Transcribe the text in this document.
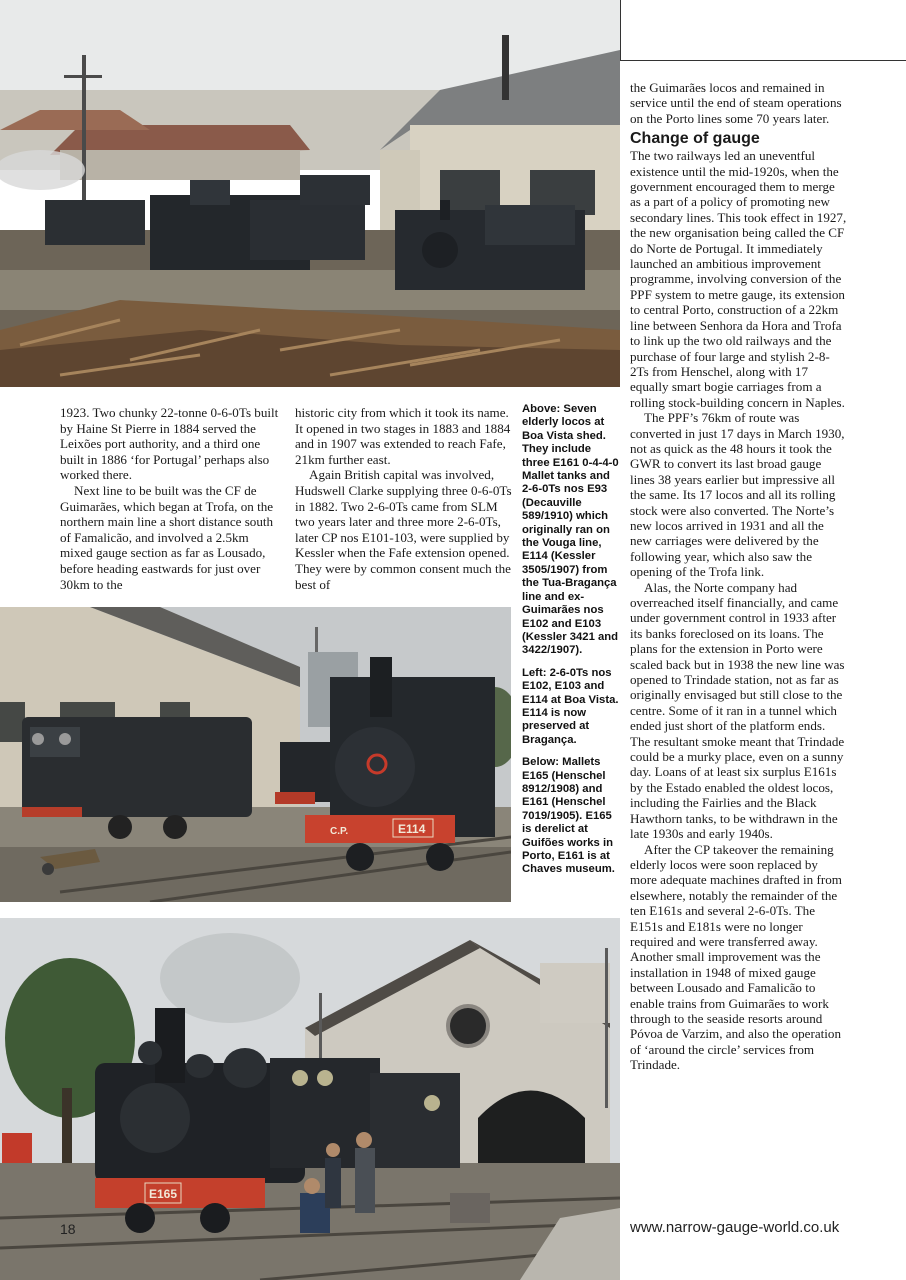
1923. Two chunky 22-tonne 0-6-0Ts built by Haine St Pierre in 1884 served the Leixões port authority, and a third one built in 1886 ‘for Portugal’ perhaps also worked there.

Next line to be built was the CF de Guimarães, which began at Trofa, on the northern main line a short distance south of Famalicão, and involved a 2.5km mixed gauge section as far as Lousado, before heading eastwards for just over 30km to the

historic city from which it took its name. It opened in two stages in 1883 and 1884 and in 1907 was extended to reach Fafe, 21km further east.

Again British capital was involved, Hudswell Clarke supplying three 0-6-0Ts in 1882. Two 2-6-0Ts came from SLM two years later and three more 2-6-0Ts, later CP nos E101-103, were supplied by Kessler when the Fafe extension opened. They were by common consent much the best of

Above: Seven elderly locos at Boa Vista shed. They include three E161 0-4-4-0 Mallet tanks and 2-6-0Ts nos E93 (Decauville 589/1910) which originally ran on the Vouga line, E114 (Kessler 3505/1907) from the Tua-Bragança line and ex-Guimarães nos E102 and E103 (Kessler 3421 and 3422/1907).

Left: 2-6-0Ts nos E102, E103 and E114 at Boa Vista. E114 is now preserved at Bragança.

Below: Mallets E165 (Henschel 8912/1908) and E161 (Henschel 7019/1905). E165 is derelict at Guifões works in Porto, E161 is at Chaves museum.

C.P.	E114

the Guimarães locos and remained in service until the end of steam operations on the Porto lines some 70 years later.

Change of gauge

The two railways led an uneventful existence until the mid-1920s, when the government encouraged them to merge as a part of a policy of promoting new secondary lines. This took effect in 1927, the new organisation being called the CF do Norte de Portugal. It immediately launched an ambitious improvement programme, involving conversion of the PPF system to metre gauge, its extension to central Porto, construction of a 22km line between Senhora da Hora and Trofa to link up the two old railways and the purchase of four large and stylish 2-8-2Ts from Henschel, along with 17 equally smart bogie carriages from a rolling stock-building concern in Naples.

The PPF’s 76km of route was converted in just 17 days in March 1930, not as quick as the 48 hours it took the GWR to convert its last broad gauge lines 38 years earlier but impressive all the same. Its 17 locos and all its rolling stock were also converted. The Norte’s new locos arrived in 1931 and all the new carriages were delivered by the following year, which also saw the opening of the Trofa link.

Alas, the Norte company had overreached itself financially, and came under government control in 1933 after its banks foreclosed on its loans. The plans for the extension in Porto were scaled back but in 1938 the new line was opened to Trindade station, not as far as originally envisaged but still close to the centre. Some of it ran in a tunnel which ended just short of the platform ends. The resultant smoke meant that Trindade could be a murky place, even on a sunny day. Loans of at least six surplus E161s by the Estado enabled the oldest locos, including the Fairlies and the Black Hawthorn tanks, to be withdrawn in the late 1930s and early 1940s.

After the CP takeover the remaining elderly locos were soon replaced by more adequate machines drafted in from elsewhere, notably the remainder of the ten E161s and several 2-6-0Ts. The E151s and E181s were no longer required and were transferred away. Another small improvement was the installation in 1948 of mixed gauge between Lousado and Famalicão to enable trains from Guimarães to work through to the seaside resorts around Póvoa de Varzim, and also the operation of ‘around the circle’ services from Trindade.

E165
18	www.narrow-gauge-world.co.uk
